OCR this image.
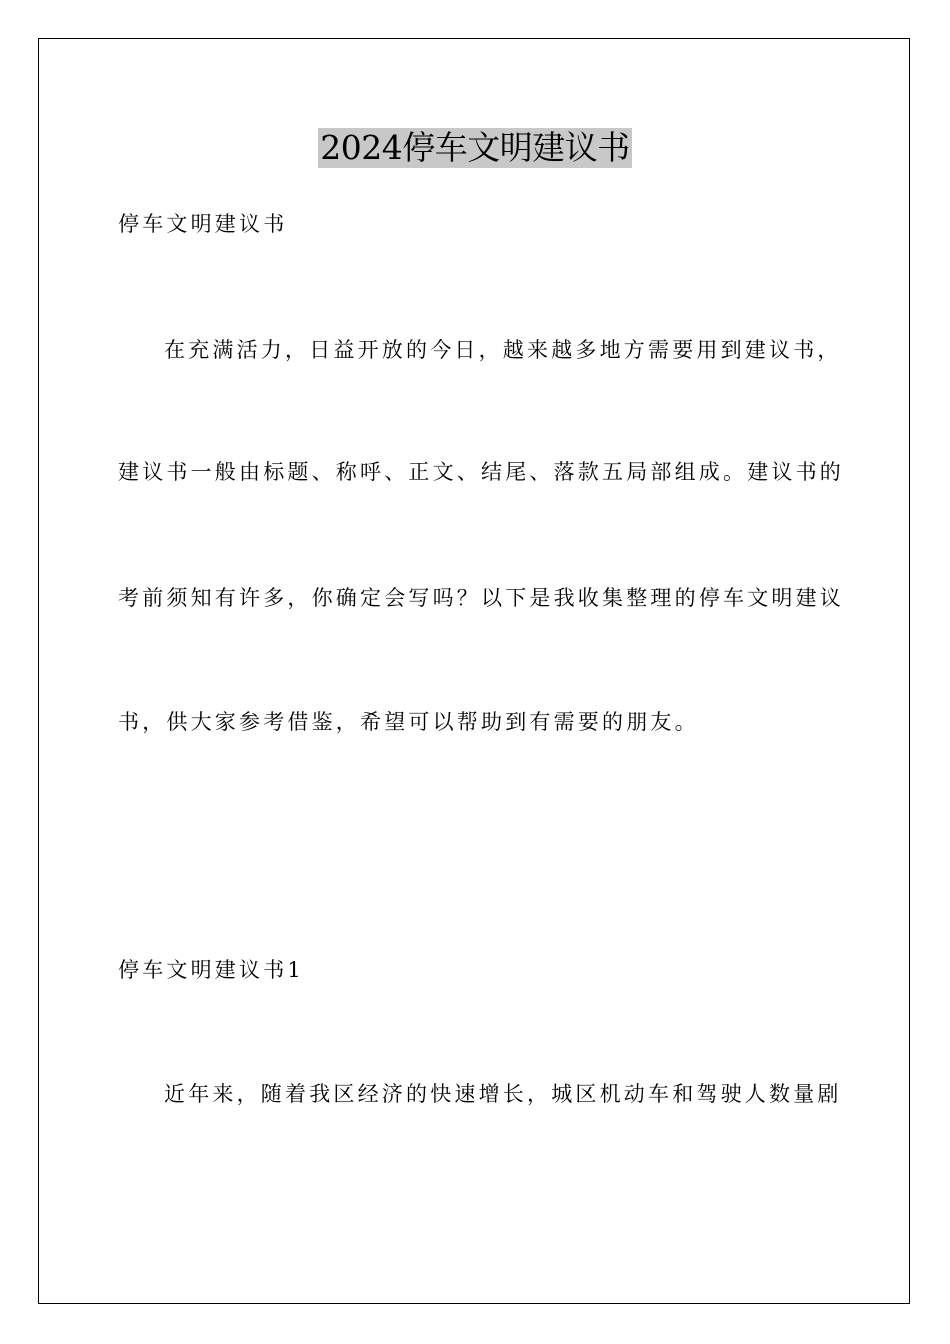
2024停车文明建议书
停车文明建议书
在充满活力，日益开放的今日，越来越多地方需要用到建议书，
建议书一般由标题、称呼、正文、结尾、落款五局部组成。建议书的
考前须知有许多，你确定会写吗？以下是我收集整理的停车文明建议
书，供大家参考借鉴，希望可以帮助到有需要的朋友。
停车文明建议书1
近年来，随着我区经济的快速增长，城区机动车和驾驶人数量剧
